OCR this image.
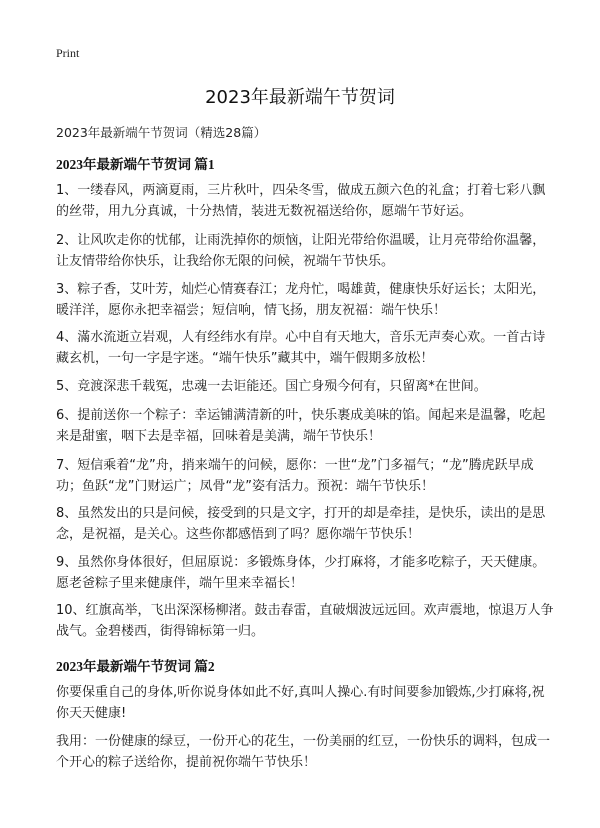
Print
2023年最新端午节贺词

2023年最新端午节贺词（精选28篇）

2023年最新端午节贺词 篇1

1、一缕春风，两滴夏雨，三片秋叶，四朵冬雪，做成五颜六色的礼盒；打着七彩八飘的丝带，用九分真诚，十分热情，装进无数祝福送给你，愿端午节好运。

2、让风吹走你的忧郁，让雨洗掉你的烦恼，让阳光带给你温暖，让月亮带给你温馨，让友情带给你快乐，让我给你无限的问候，祝端午节快乐。

3、粽子香，艾叶芳，灿烂心情赛春江；龙舟忙，喝雄黄，健康快乐好运长；太阳光，暖洋洋，愿你永把幸福尝；短信响，情飞扬，朋友祝福：端午快乐！

4、滿水流逝立岩观，人有经纬水有岸。心中自有天地大，音乐无声奏心欢。一首古诗藏玄机，一句一字是字迷。“端午快乐”藏其中，端午假期多放松！

5、竞渡深悲千载冤，忠魂一去讵能还。国亡身殒今何有，只留离*在世间。

6、提前送你一个粽子：幸运铺满清新的叶，快乐裹成美味的馅。闻起来是温馨，吃起来是甜蜜，咽下去是幸福，回味着是美满，端午节快乐！

7、短信乘着“龙”舟，捎来端午的问候，愿你：一世“龙”门多福气；“龙”腾虎跃早成功；鱼跃“龙”门财运广；凤骨“龙”姿有活力。预祝：端午节快乐！

8、虽然发出的只是问候，接受到的只是文字，打开的却是牵挂，是快乐，读出的是思念，是祝福，是关心。这些你都感悟到了吗？愿你端午节快乐！

9、虽然你身体很好，但屈原说：多锻炼身体，少打麻将，才能多吃粽子，天天健康。愿老爸粽子里来健康伴，端午里来幸福长！

10、红旗高举，飞出深深杨柳渚。鼓击春雷，直破烟波远远回。欢声震地，惊退万人争战气。金碧楼西，街得锦标第一归。

2023年最新端午节贺词 篇2

你要保重自己的身体,听你说身体如此不好,真叫人操心.有时间要参加锻炼,少打麻将,祝你天天健康!

我用：一份健康的绿豆，一份开心的花生，一份美丽的红豆，一份快乐的调料，包成一个开心的粽子送给你，提前祝你端午节快乐！
